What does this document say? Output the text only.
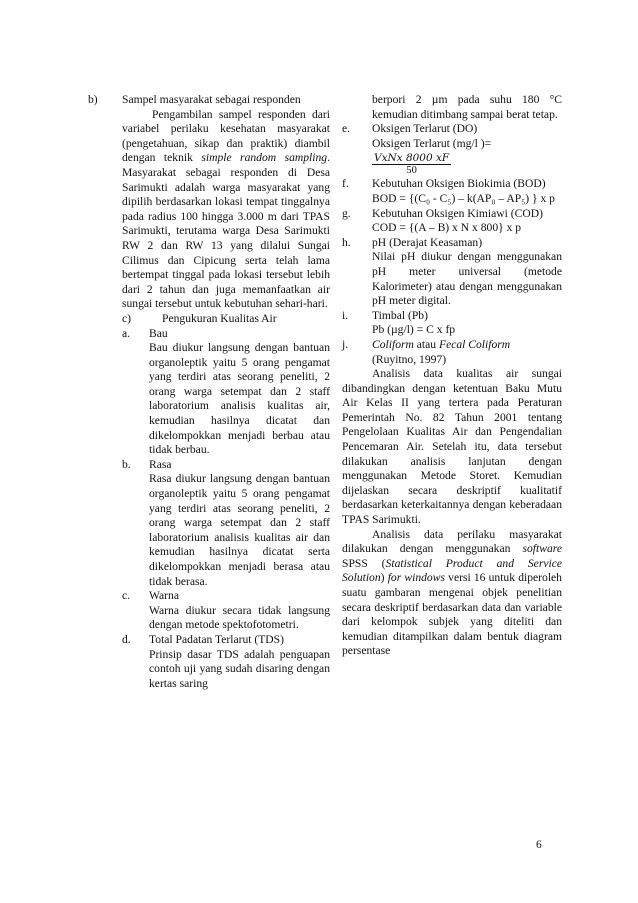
b)	Sampel masyarakat sebagai responden

Pengambilan sampel responden dari variabel perilaku kesehatan masyarakat (pengetahuan, sikap dan praktik) diambil dengan teknik simple random sampling. Masyarakat sebagai responden di Desa Sarimukti adalah warga masyarakat yang dipilih berdasarkan lokasi tempat tinggalnya pada radius 100 hingga 3.000 m dari TPAS Sarimukti, terutama warga Desa Sarimukti RW 2 dan RW 13 yang dilalui Sungai Cilimus dan Cipicung serta telah lama bertempat tinggal pada lokasi tersebut lebih dari 2 tahun dan juga memanfaatkan air sungai tersebut untuk kebutuhan sehari-hari.

c)	Pengukuran Kualitas Air
a.	Bau

Bau diukur langsung dengan bantuan organoleptik yaitu 5 orang pengamat yang terdiri atas seorang peneliti, 2 orang warga setempat dan 2 staff laboratorium analisis kualitas air, kemudian hasilnya dicatat dan dikelompokkan menjadi berbau atau tidak berbau.

b.	Rasa

Rasa diukur langsung dengan bantuan organoleptik yaitu 5 orang pengamat yang terdiri atas seorang peneliti, 2 orang warga setempat dan 2 staff laboratorium analisis kualitas air dan kemudian hasilnya dicatat serta dikelompokkan menjadi berasa atau tidak berasa.

c.	Warna

Warna diukur secara tidak langsung dengan metode spektofotometri.

d.	Total Padatan Terlarut (TDS)

Prinsip dasar TDS adalah penguapan contoh uji yang sudah disaring dengan kertas saring

berpori 2 µm pada suhu 180 °C kemudian ditimbang sampai berat tetap.

e.	Oksigen Terlarut (DO)

Oksigen Terlarut (mg/l )=

$\frac{\text{VxNx 8000 xF}}{50}$
f.	Kebutuhan Oksigen Biokimia (BOD)

BOD = {(C₀ - C₅) – k(AP₀ – AP₅) } x p

g.	Kebutuhan Oksigen Kimiawi (COD)

COD = {(A – B) x N x 800} x p

h.	pH (Derajat Keasaman)

Nilai pH diukur dengan menggunakan pH meter universal (metode Kalorimeter) atau dengan menggunakan pH meter digital.

i.	Timbal (Pb)

Pb (µg/l) = C x fp

j.	Coliform atau Fecal Coliform

(Ruyitno, 1997)

Analisis data kualitas air sungai dibandingkan dengan ketentuan Baku Mutu Air Kelas II yang tertera pada Peraturan Pemerintah No. 82 Tahun 2001 tentang Pengelolaan Kualitas Air dan Pengendalian Pencemaran Air. Setelah itu, data tersebut dilakukan analisis lanjutan dengan menggunakan Metode Storet. Kemudian dijelaskan secara deskriptif kualitatif berdasarkan keterkaitannya dengan keberadaan TPAS Sarimukti.

Analisis data perilaku masyarakat dilakukan dengan menggunakan software SPSS (Statistical Product and Service Solution) for windows versi 16 untuk diperoleh suatu gambaran mengenai objek penelitian secara deskriptif berdasarkan data dan variable dari kelompok subjek yang diteliti dan kemudian ditampilkan dalam bentuk diagram persentase

6
